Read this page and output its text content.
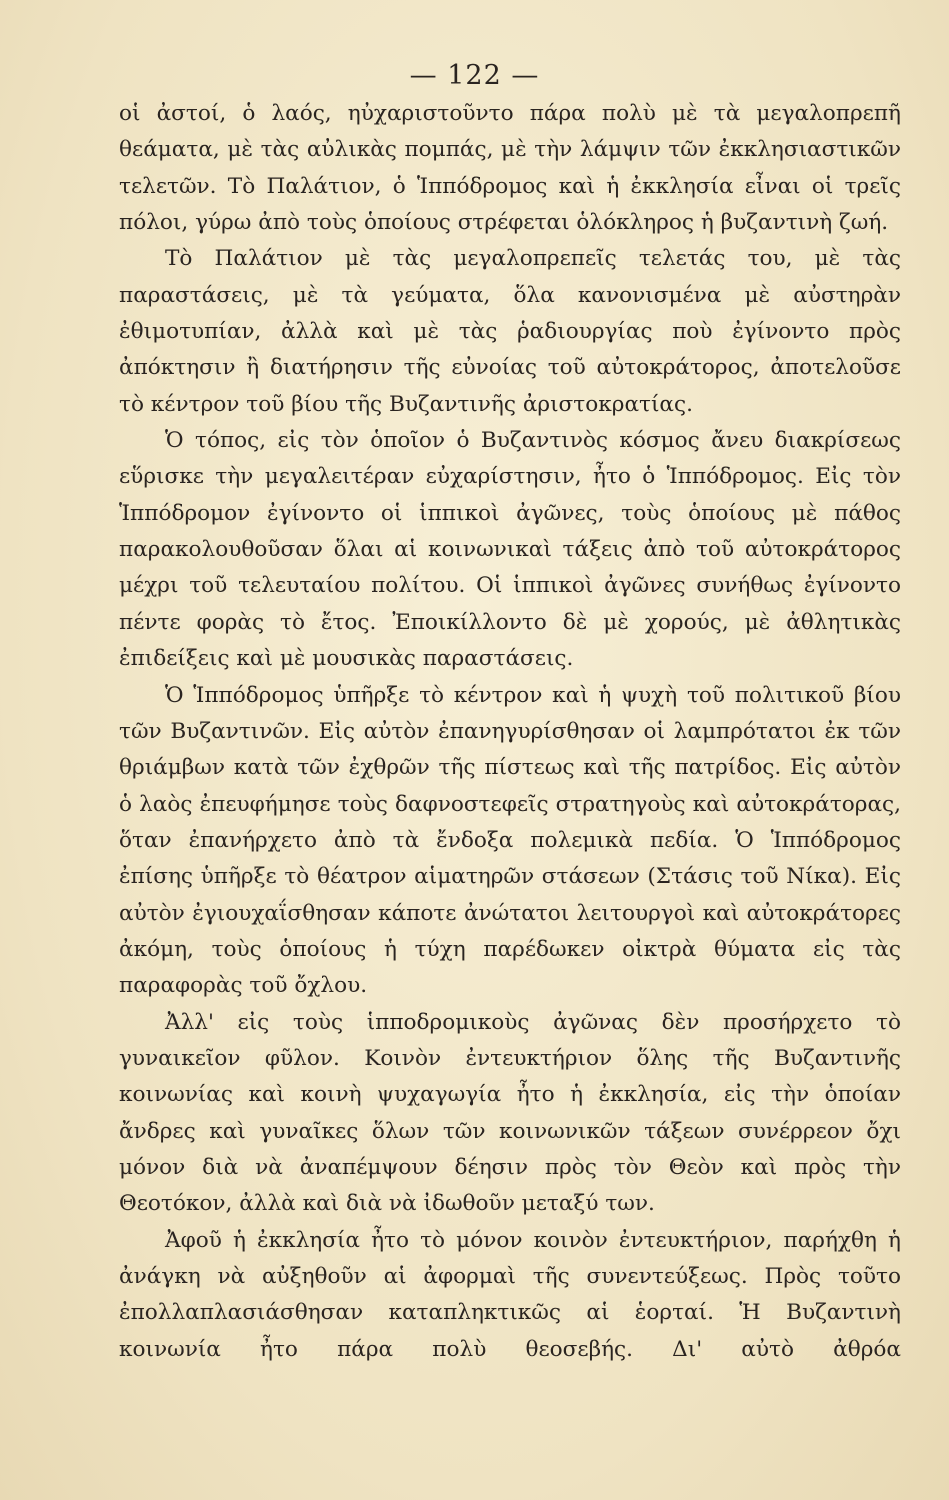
— 122 —

οἱ ἀστοί, ὁ λαός, ηὐχαριστοῦντο πάρα πολὺ μὲ τὰ μεγαλοπρεπῆ θεάματα, μὲ τὰς αὐλικὰς πομπάς, μὲ τὴν λάμψιν τῶν ἐκκλησιαστικῶν τελετῶν. Τὸ Παλάτιον, ὁ Ἱππόδρομος καὶ ἡ ἐκκλησία εἶναι οἱ τρεῖς πόλοι, γύρω ἀπὸ τοὺς ὁποίους στρέφεται ὁλόκληρος ἡ βυζαντινὴ ζωή.

Τὸ Παλάτιον μὲ τὰς μεγαλοπρεπεῖς τελετάς του, μὲ τὰς παραστάσεις, μὲ τὰ γεύματα, ὅλα κανονισμένα μὲ αὐστηρὰν ἐθιμοτυπίαν, ἀλλὰ καὶ μὲ τὰς ῥαδιουργίας ποὺ ἐγίνοντο πρὸς ἀπόκτησιν ἢ διατήρησιν τῆς εὐνοίας τοῦ αὐτοκράτορος, ἀποτελοῦσε τὸ κέντρον τοῦ βίου τῆς Βυζαντινῆς ἀριστοκρατίας.

Ὁ τόπος, εἰς τὸν ὁποῖον ὁ Βυζαντινὸς κόσμος ἄνευ διακρίσεως εὕρισκε τὴν μεγαλειτέραν εὐχαρίστησιν, ἦτο ὁ Ἱππόδρομος. Εἰς τὸν Ἱππόδρομον ἐγίνοντο οἱ ἱππικοὶ ἀγῶνες, τοὺς ὁποίους μὲ πάθος παρακολουθοῦσαν ὅλαι αἱ κοινωνικαὶ τάξεις ἀπὸ τοῦ αὐτοκράτορος μέχρι τοῦ τελευταίου πολίτου. Οἱ ἱππικοὶ ἀγῶνες συνήθως ἐγίνοντο πέντε φορὰς τὸ ἔτος. Ἐποικίλλοντο δὲ μὲ χορούς, μὲ ἀθλητικὰς ἐπιδείξεις καὶ μὲ μουσικὰς παραστάσεις.

Ὁ Ἱππόδρομος ὑπῆρξε τὸ κέντρον καὶ ἡ ψυχὴ τοῦ πολιτικοῦ βίου τῶν Βυζαντινῶν. Εἰς αὐτὸν ἐπανηγυρίσθησαν οἱ λαμπρότατοι ἐκ τῶν θριάμβων κατὰ τῶν ἐχθρῶν τῆς πίστεως καὶ τῆς πατρίδος. Εἰς αὐτὸν ὁ λαὸς ἐπευφήμησε τοὺς δαφνοστεφεῖς στρατηγοὺς καὶ αὐτοκράτορας, ὅταν ἐπανήρχετο ἀπὸ τὰ ἔνδοξα πολεμικὰ πεδία. Ὁ Ἱππόδρομος ἐπίσης ὑπῆρξε τὸ θέατρον αἱματηρῶν στάσεων (Στάσις τοῦ Νίκα). Εἰς αὐτὸν ἐγιουχαΐσθησαν κάποτε ἀνώτατοι λειτουργοὶ καὶ αὐτοκράτορες ἀκόμη, τοὺς ὁποίους ἡ τύχη παρέδωκεν οἰκτρὰ θύματα εἰς τὰς παραφορὰς τοῦ ὄχλου.

Ἀλλ' εἰς τοὺς ἱπποδρομικοὺς ἀγῶνας δὲν προσήρχετο τὸ γυναικεῖον φῦλον. Κοινὸν ἐντευκτήριον ὅλης τῆς Βυζαντινῆς κοινωνίας καὶ κοινὴ ψυχαγωγία ἦτο ἡ ἐκκλησία, εἰς τὴν ὁποίαν ἄνδρες καὶ γυναῖκες ὅλων τῶν κοινωνικῶν τάξεων συνέρρεον ὄχι μόνον διὰ νὰ ἀναπέμψουν δέησιν πρὸς τὸν Θεὸν καὶ πρὸς τὴν Θεοτόκον, ἀλλὰ καὶ διὰ νὰ ἰδωθοῦν μεταξύ των.

Ἀφοῦ ἡ ἐκκλησία ἦτο τὸ μόνον κοινὸν ἐντευκτήριον, παρήχθη ἡ ἀνάγκη νὰ αὐξηθοῦν αἱ ἀφορμαὶ τῆς συνεντεύξεως. Πρὸς τοῦτο ἐπολλαπλασιάσθησαν καταπληκτικῶς αἱ ἑορταί. Ἡ Βυζαντινὴ κοινωνία ἦτο πάρα πολὺ θεοσεβής. Δι' αὐτὸ ἀθρόα
